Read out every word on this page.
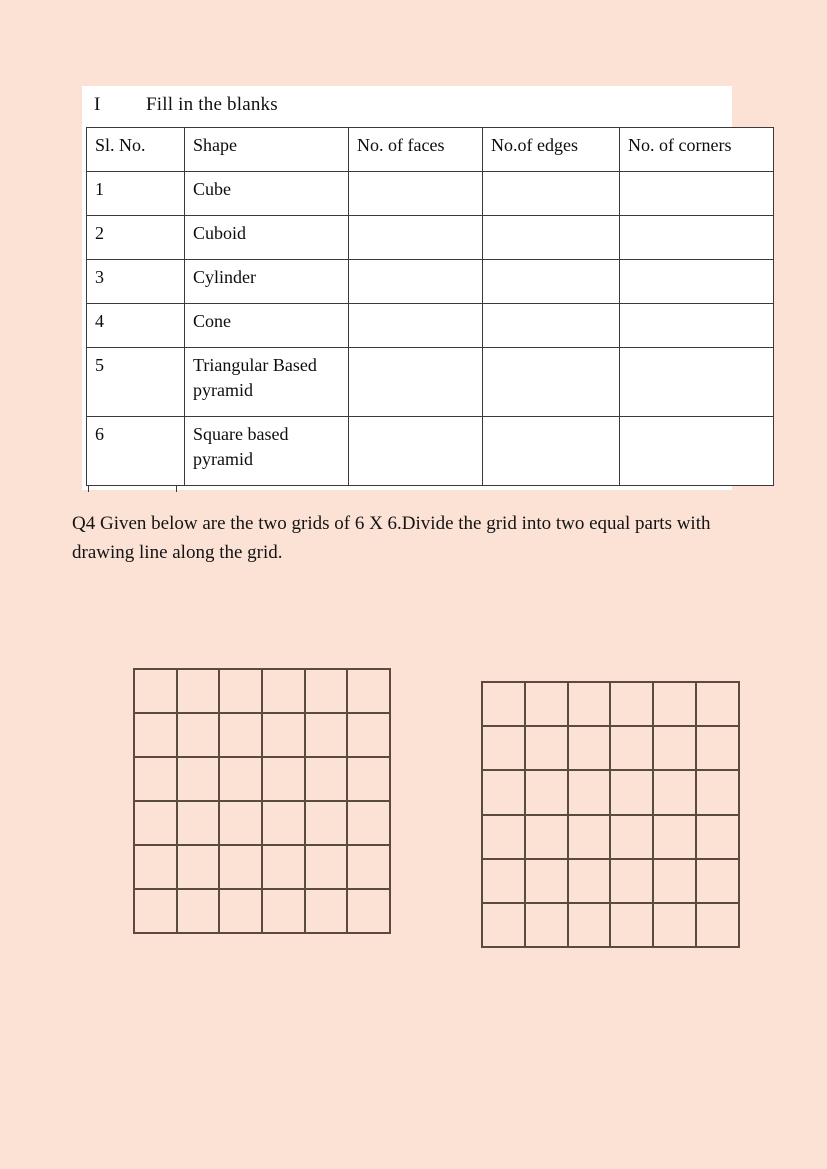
I Fill in the blanks
Sl. No.	Shape	No. of faces	No.of edges	No. of corners
1	Cube			
2	Cuboid			
3	Cylinder			
4	Cone			
5	Triangular Based pyramid			
6	Square based pyramid			
Q4 Given below are the two grids of 6 X 6.Divide the grid into two equal parts with drawing line along the grid.
